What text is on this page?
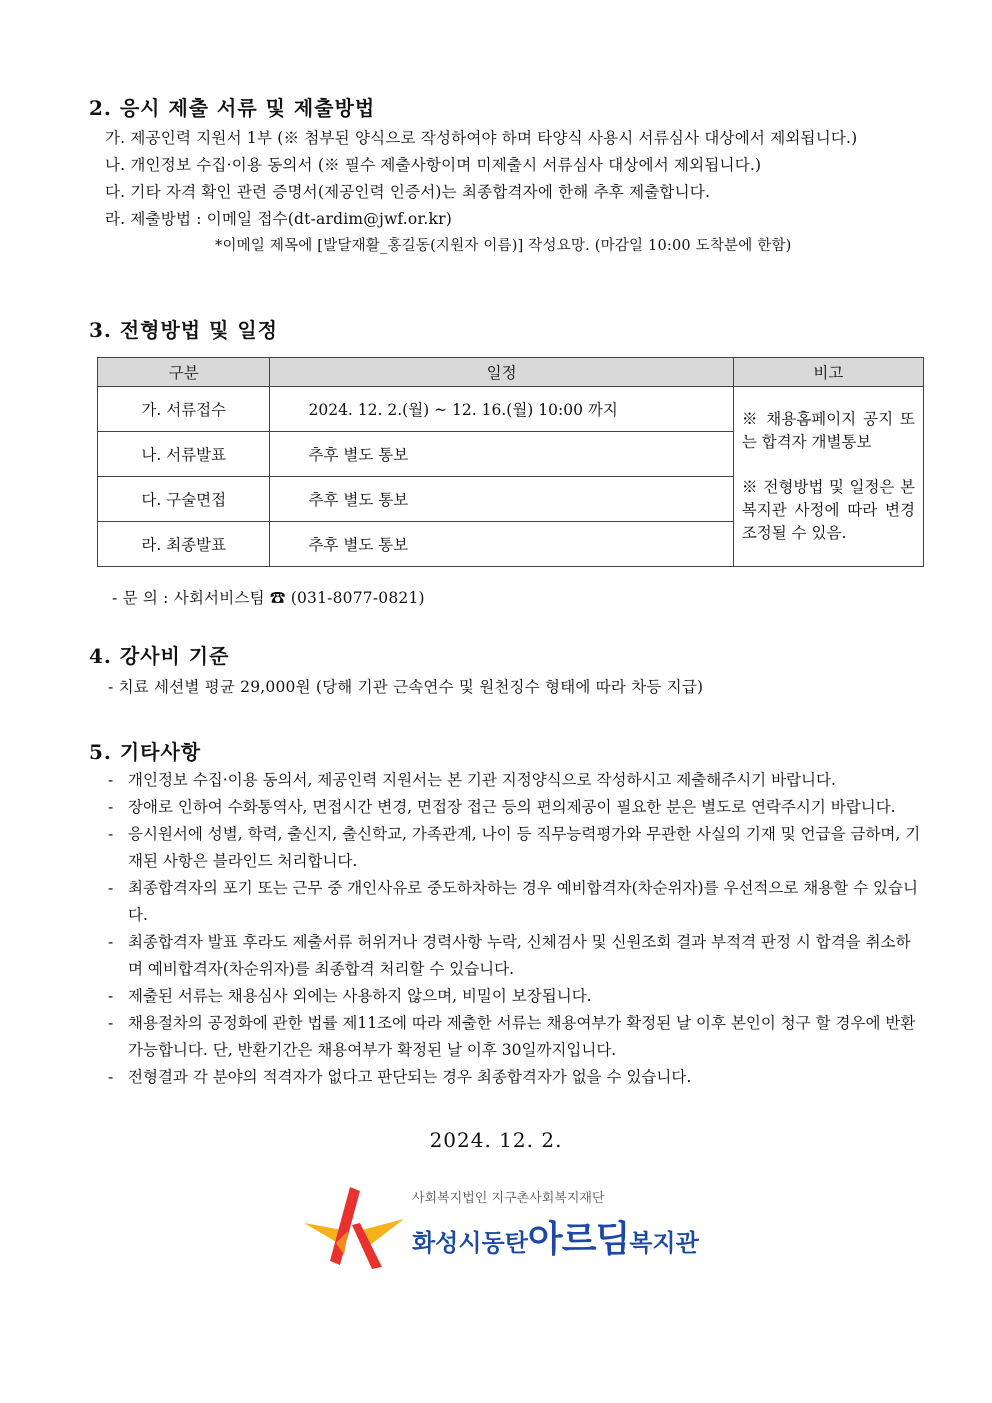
2. 응시 제출 서류 및 제출방법

가. 제공인력 지원서 1부 (※ 첨부된 양식으로 작성하여야 하며 타양식 사용시 서류심사 대상에서 제외됩니다.)

나. 개인정보 수집·이용 동의서 (※ 필수 제출사항이며 미제출시 서류심사 대상에서 제외됩니다.)

다. 기타 자격 확인 관련 증명서(제공인력 인증서)는 최종합격자에 한해 추후 제출합니다.

라. 제출방법 : 이메일 접수(dt-ardim@jwf.or.kr)

*이메일 제목에 [발달재활_홍길동(지원자 이름)] 작성요망. (마감일 10:00 도착분에 한함)

3. 전형방법 및 일정
구분	일정	비고
가. 서류접수	2024. 12. 2.(월) ~ 12. 16.(월) 10:00 까지	※ 채용홈페이지 공지 또는 합격자 개별통보
※ 전형방법 및 일정은 본 복지관 사정에 따라 변경 조정될 수 있음.

나. 서류발표	추후 별도 통보	
다. 구술면접	추후 별도 통보	
라. 최종발표	추후 별도 통보	

- 문 의 : 사회서비스팀 ☎ (031-8077-0821)

4. 강사비 기준

- 치료 세션별 평균 29,000원 (당해 기관 근속연수 및 원천징수 형태에 따라 차등 지급)

5. 기타사항
- 개인정보 수집·이용 동의서, 제공인력 지원서는 본 기관 지정양식으로 작성하시고 제출해주시기 바랍니다.
- 장애로 인하여 수화통역사, 면접시간 변경, 면접장 접근 등의 편의제공이 필요한 분은 별도로 연락주시기 바랍니다.
- 응시원서에 성별, 학력, 출신지, 출신학교, 가족관계, 나이 등 직무능력평가와 무관한 사실의 기재 및 언급을 금하며, 기재된 사항은 블라인드 처리합니다.
- 최종합격자의 포기 또는 근무 중 개인사유로 중도하차하는 경우 예비합격자(차순위자)를 우선적으로 채용할 수 있습니다.
- 최종합격자 발표 후라도 제출서류 허위거나 경력사항 누락, 신체검사 및 신원조회 결과 부적격 판정 시 합격을 취소하며 예비합격자(차순위자)를 최종합격 처리할 수 있습니다.
- 제출된 서류는 채용심사 외에는 사용하지 않으며, 비밀이 보장됩니다.
- 채용절차의 공정화에 관한 법률 제11조에 따라 제출한 서류는 채용여부가 확정된 날 이후 본인이 청구 할 경우에 반환 가능합니다. 단, 반환기간은 채용여부가 확정된 날 이후 30일까지입니다.
- 전형결과 각 분야의 적격자가 없다고 판단되는 경우 최종합격자가 없을 수 있습니다.
2024. 12. 2.
사회복지법인 지구촌사회복지재단
화성시동탄아르딤복지관
